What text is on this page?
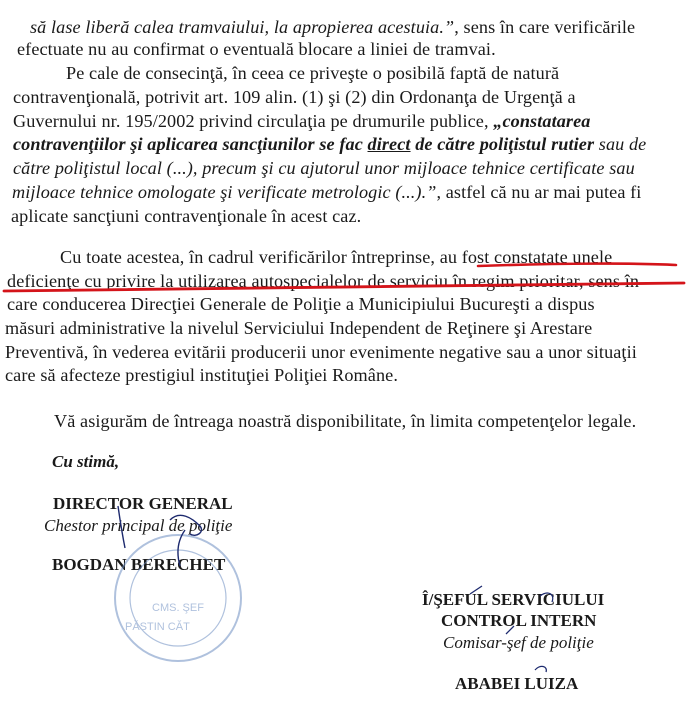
să lase liberă calea tramvaiului, la apropierea acestuia.”, sens în care verificările
efectuate nu au confirmat o eventuală blocare a liniei de tramvai.
Pe cale de consecinţă, în ceea ce priveşte o posibilă faptă de natură
contravenţională, potrivit art. 109 alin. (1) şi (2) din Ordonanţa de Urgenţă a
Guvernului nr. 195/2002 privind circulaţia pe drumurile publice, „constatarea
contravenţiilor şi aplicarea sancţiunilor se fac direct de către poliţistul rutier sau de
către poliţistul local (...), precum şi cu ajutorul unor mijloace tehnice certificate sau
mijloace tehnice omologate şi verificate metrologic (...).”, astfel că nu ar mai putea fi
aplicate sancţiuni contravenţionale în acest caz.
Cu toate acestea, în cadrul verificărilor întreprinse, au fost constatate unele
deficienţe cu privire la utilizarea autospecialelor de serviciu în regim prioritar, sens în
care conducerea Direcţiei Generale de Poliţie a Municipiului Bucureşti a dispus
măsuri administrative la nivelul Serviciului Independent de Reţinere şi Arestare
Preventivă, în vederea evitării producerii unor evenimente negative sau a unor situaţii
care să afecteze prestigiul instituţiei Poliţiei Române.
Vă asigurăm de întreaga noastră disponibilitate, în limita competenţelor legale.
Cu stimă,
DIRECTOR GENERAL
Chestor principal de poliţie
BOGDAN BERECHET
Î/ŞEFUL SERVICIULUI
CONTROL INTERN
Comisar-şef de poliţie
ABABEI LUIZA
CMS. ŞEF
PĂSTIN CĂT
